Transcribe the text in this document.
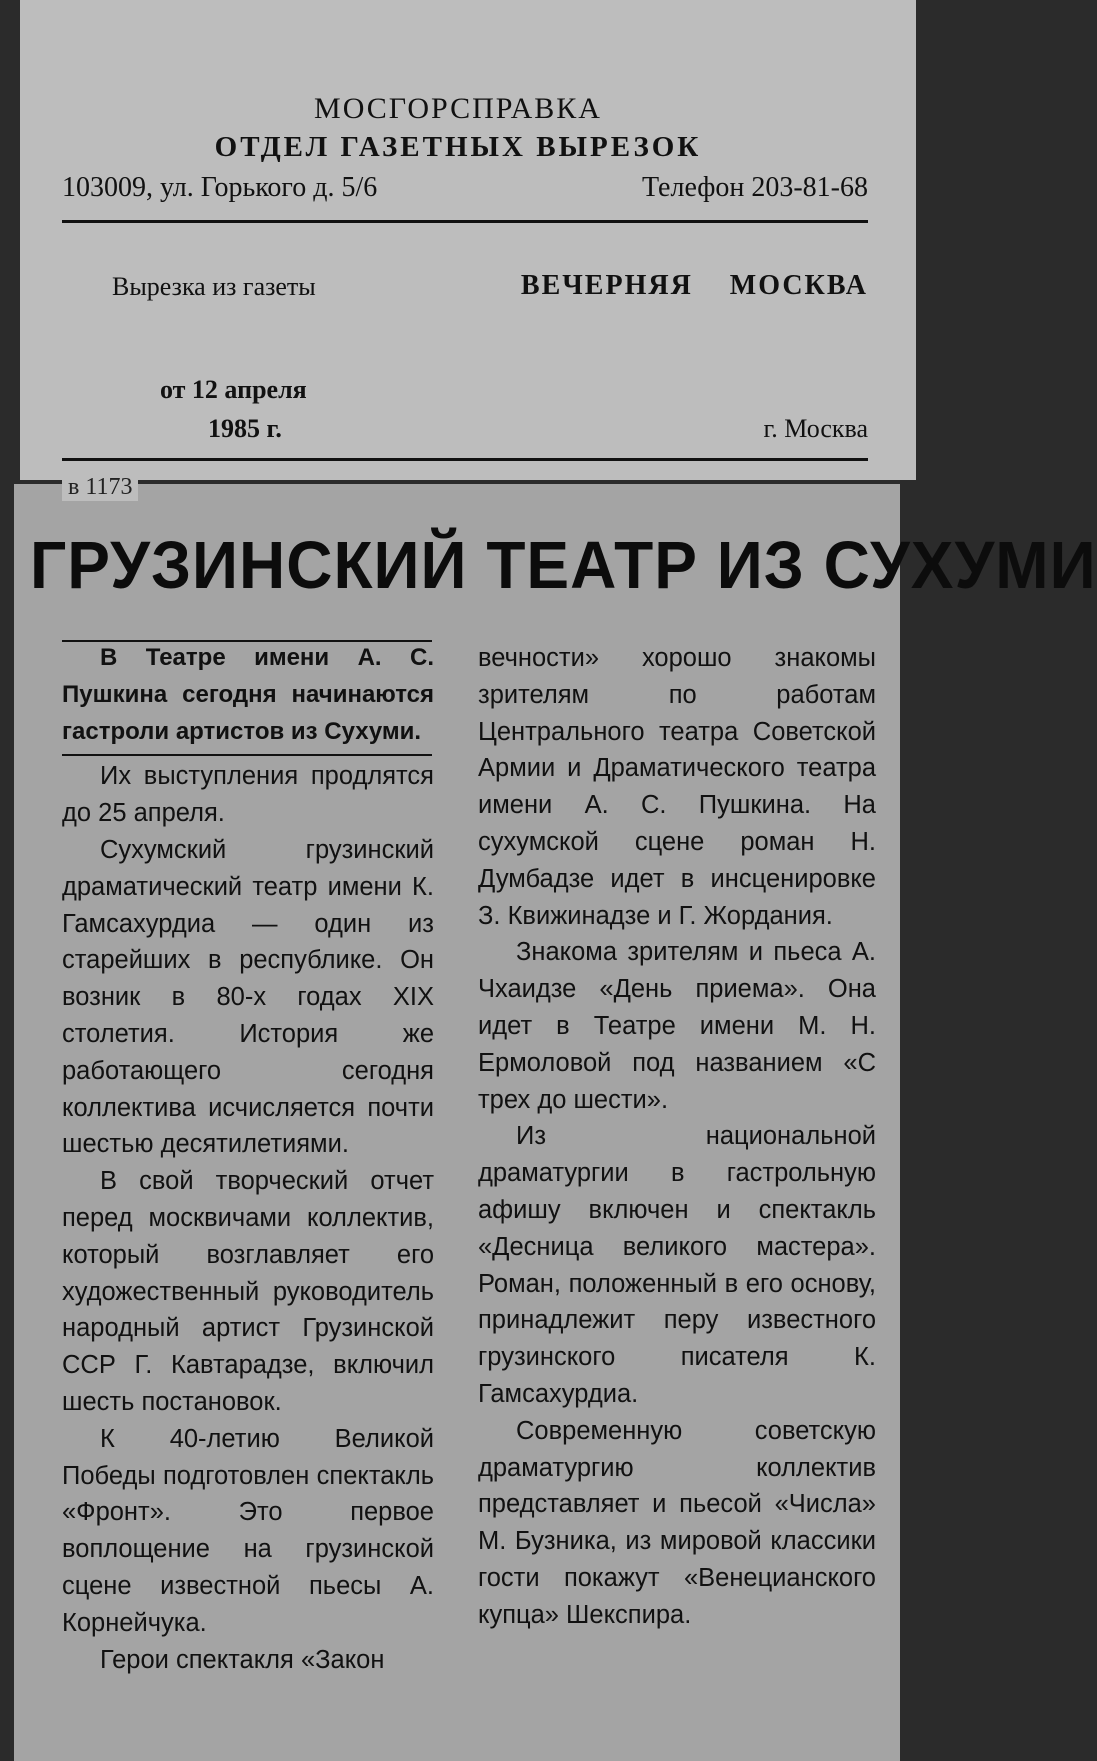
МОСГОРСПРАВКА
ОТДЕЛ ГАЗЕТНЫХ ВЫРЕЗОК
103009, ул. Горького д. 5/6	Телефон 203-81-68
Вырезка из газеты	ВЕЧЕРНЯЯ МОСКВА
от 12 апреля
1985 г.	г. Москва
в 1173
ГРУЗИНСКИЙ ТЕАТР ИЗ СУХУМИ

В Театре имени А. С. Пушкина сегодня начинаются гастроли артистов из Сухуми.

Их выступления продлятся до 25 апреля.

Сухумский грузинский драматический театр имени К. Гамсахурдиа — один из старейших в республике. Он возник в 80-х годах XIX столетия. История же работающего сегодня коллектива исчисляется почти шестью десятилетиями.

В свой творческий отчет перед москвичами коллектив, который возглавляет его художественный руководитель народный артист Грузинской ССР Г. Кавтарадзе, включил шесть постановок.

К 40-летию Великой Победы подготовлен спектакль «Фронт». Это первое воплощение на грузинской сцене известной пьесы А. Корнейчука.

Герои спектакля «Закон

вечности» хорошо знакомы зрителям по работам Центрального театра Советской Армии и Драматического театра имени А. С. Пушкина. На сухумской сцене роман Н. Думбадзе идет в инсценировке З. Квижинадзе и Г. Жордания.

Знакома зрителям и пьеса А. Чхаидзе «День приема». Она идет в Театре имени М. Н. Ермоловой под названием «С трех до шести».

Из национальной драматургии в гастрольную афишу включен и спектакль «Десница великого мастера». Роман, положенный в его основу, принадлежит перу известного грузинского писателя К. Гамсахурдиа.

Современную советскую драматургию коллектив представляет и пьесой «Числа» М. Бузника, из мировой классики гости покажут «Венецианского купца» Шекспира.
